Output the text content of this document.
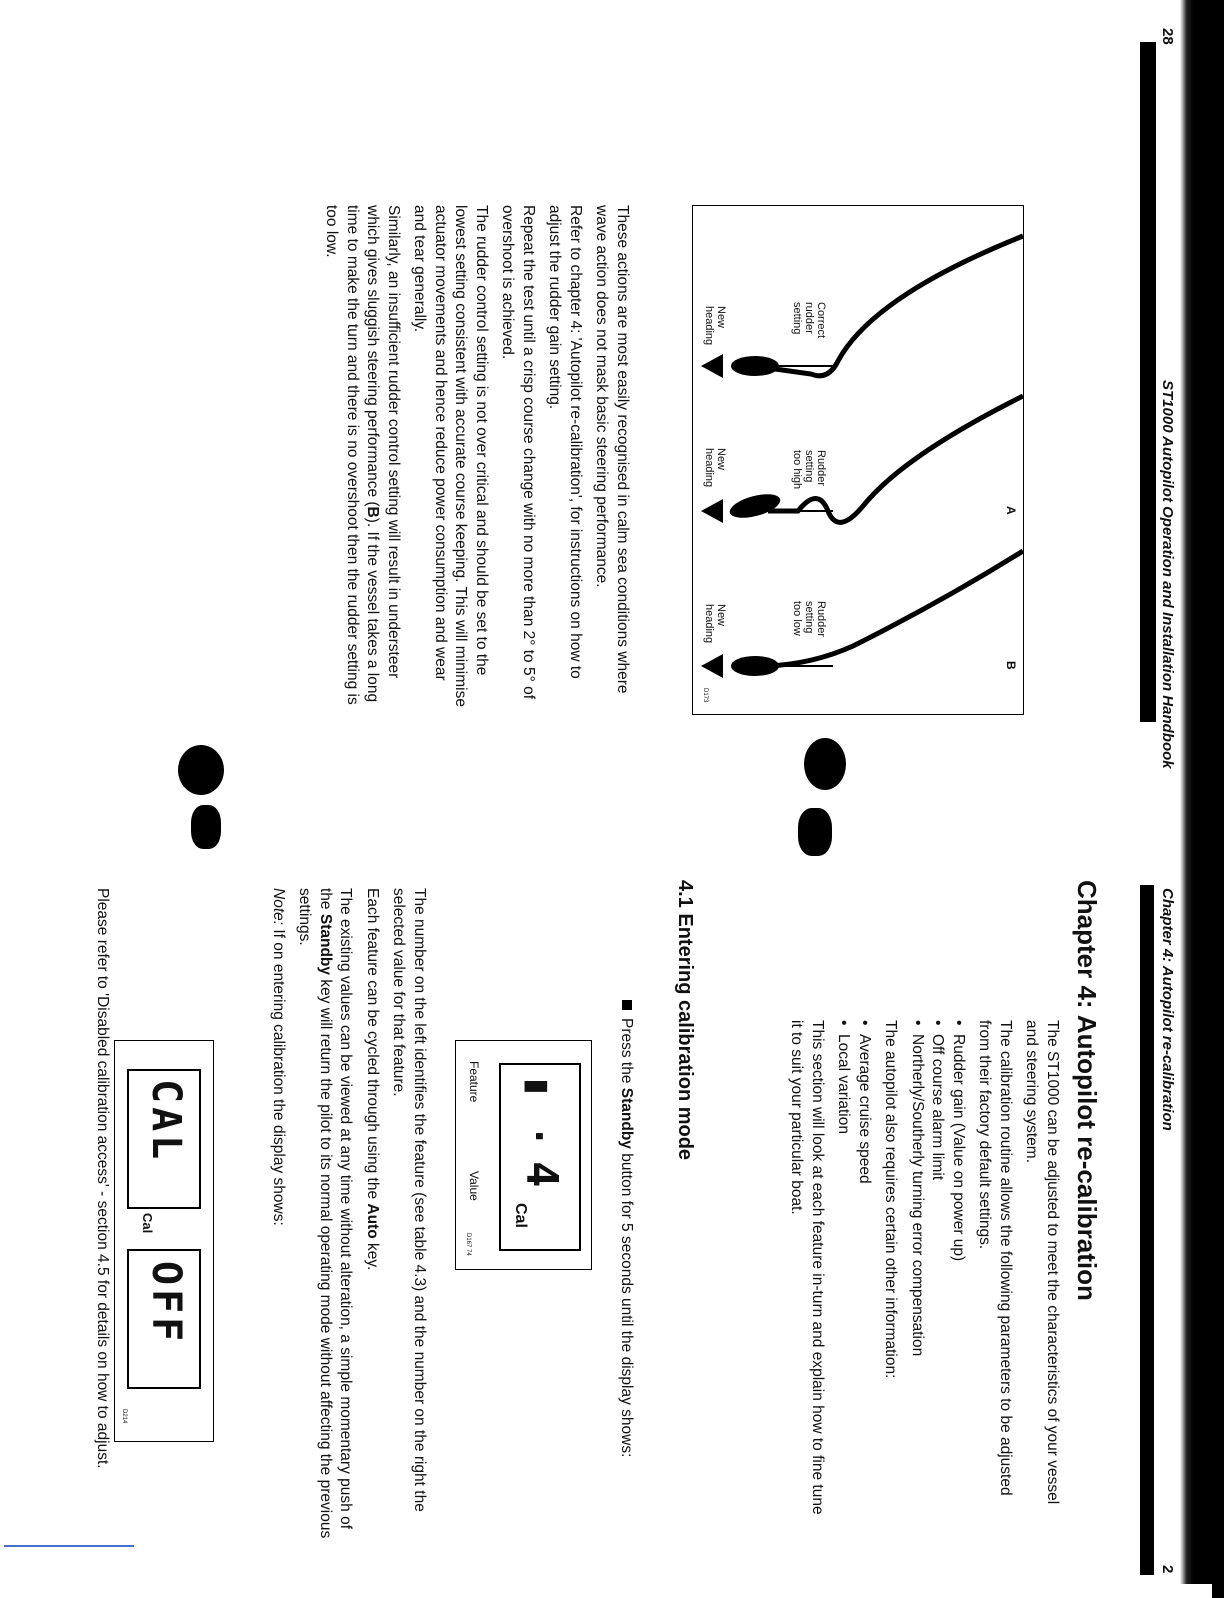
28
ST1000 Autopilot Operation and Installation Handbook
A
B
Correct
rudder
setting
Rudder
setting
too high
Rudder
setting
too low
New
heading
New
heading
New
heading
D173

These actions are most easily recognised in calm sea conditions where wave action does not mask basic steering performance.

Refer to chapter 4: 'Autopilot re-calibration', for instructions on how to adjust the rudder gain setting.

Repeat the test until a crisp course change with no more than 2° to 5° of overshoot is achieved.

The rudder control setting is not over critical and should be set to the lowest setting consistent with accurate course keeping. This will minimise actuator movements and hence reduce power consumption and wear and tear generally.

Similarly, an insufficient rudder control setting will result in understeer which gives sluggish steering performance (B). If the vessel takes a long time to make the turn and there is no overshoot then the rudder setting is too low.

Chapter 4: Autopilot re-calibration
2
Chapter 4: Autopilot re-calibration

The ST1000 can be adjusted to meet the characteristics of your vessel and steering system.

The calibration routine allows the following parameters to be adjusted from their factory default settings.

• Rudder gain (Value on power up)
• Off course alarm limit
• Northerly/Southerly turning error compensation

The autopilot also requires certain other information:

• Average cruise speed
• Local variation

This section will look at each feature in-turn and explain how to fine tune it to suit your particular boat.

4.1 Entering calibration mode

Press the Standby button for 5 seconds until the display shows:

▮ ·
4
Cal
Feature
Value
D167 74

The number on the left identifies the feature (see table 4.3) and the number on the right the selected value for that feature.

Each feature can be cycled through using the Auto key.

The existing values can be viewed at any time without alteration, a simple momentary push of the Standby key will return the pilot to its normal operating mode without affecting the previous settings.

Note: If on entering calibration the display shows:

CAL
Cal
OFF
D214

Please refer to 'Disabled calibration access' - section 4.5 for details on how to adjust.
